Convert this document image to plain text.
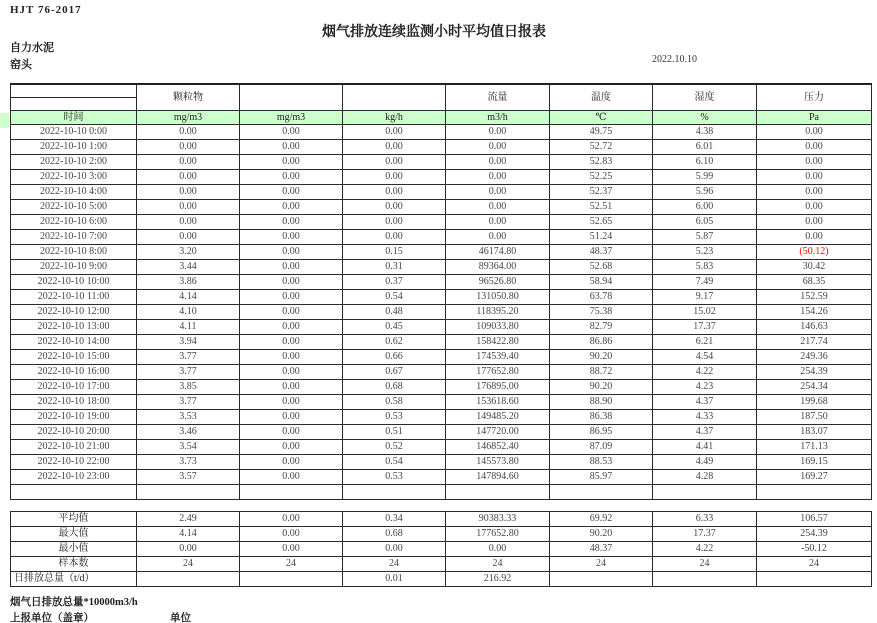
HJT 76-2017
烟气排放连续监测小时平均值日报表
自力水泥
窑头	2022.10.10
	颗粒物			流量	温度	湿度	压力

时间	mg/m3	mg/m3	kg/h	m3/h	℃	%	Pa
2022-10-10 0:00	0.00	0.00	0.00	0.00	49.75	4.38	0.00
2022-10-10 1:00	0.00	0.00	0.00	0.00	52.72	6.01	0.00
2022-10-10 2:00	0.00	0.00	0.00	0.00	52.83	6.10	0.00
2022-10-10 3:00	0.00	0.00	0.00	0.00	52.25	5.99	0.00
2022-10-10 4:00	0.00	0.00	0.00	0.00	52.37	5.96	0.00
2022-10-10 5:00	0.00	0.00	0.00	0.00	52.51	6.00	0.00
2022-10-10 6:00	0.00	0.00	0.00	0.00	52.65	6.05	0.00
2022-10-10 7:00	0.00	0.00	0.00	0.00	51.24	5.87	0.00
2022-10-10 8:00	3.20	0.00	0.15	46174.80	48.37	5.23	(50.12)
2022-10-10 9:00	3.44	0.00	0.31	89364.00	52.68	5.83	30.42
2022-10-10 10:00	3.86	0.00	0.37	96526.80	58.94	7.49	68.35
2022-10-10 11:00	4.14	0.00	0.54	131050.80	63.78	9.17	152.59
2022-10-10 12:00	4.10	0.00	0.48	118395.20	75.38	15.02	154.26
2022-10-10 13:00	4.11	0.00	0.45	109033.80	82.79	17.37	146.63
2022-10-10 14:00	3.94	0.00	0.62	158422.80	86.86	6.21	217.74
2022-10-10 15:00	3.77	0.00	0.66	174539.40	90.20	4.54	249.36
2022-10-10 16:00	3.77	0.00	0.67	177652.80	88.72	4.22	254.39
2022-10-10 17:00	3.85	0.00	0.68	176895.00	90.20	4.23	254.34
2022-10-10 18:00	3.77	0.00	0.58	153618.60	88.90	4.37	199.68
2022-10-10 19:00	3.53	0.00	0.53	149485.20	86.38	4.33	187.50
2022-10-10 20:00	3.46	0.00	0.51	147720.00	86.95	4.37	183.07
2022-10-10 21:00	3.54	0.00	0.52	146852.40	87.09	4.41	171.13
2022-10-10 22:00	3.73	0.00	0.54	145573.80	88.53	4.49	169.15
2022-10-10 23:00	3.57	0.00	0.53	147894.60	85.97	4.28	169.27

平均值	2.49	0.00	0.34	90383.33	69.92	6.33	106.57
最大值	4.14	0.00	0.68	177652.80	90.20	17.37	254.39
最小值	0.00	0.00	0.00	0.00	48.37	4.22	-50.12
样本数	24	24	24	24	24	24	24
日排放总量（t/d）			0.01	216.92			
烟气日排放总量*10000m3/h
上报单位（盖章）	单位
